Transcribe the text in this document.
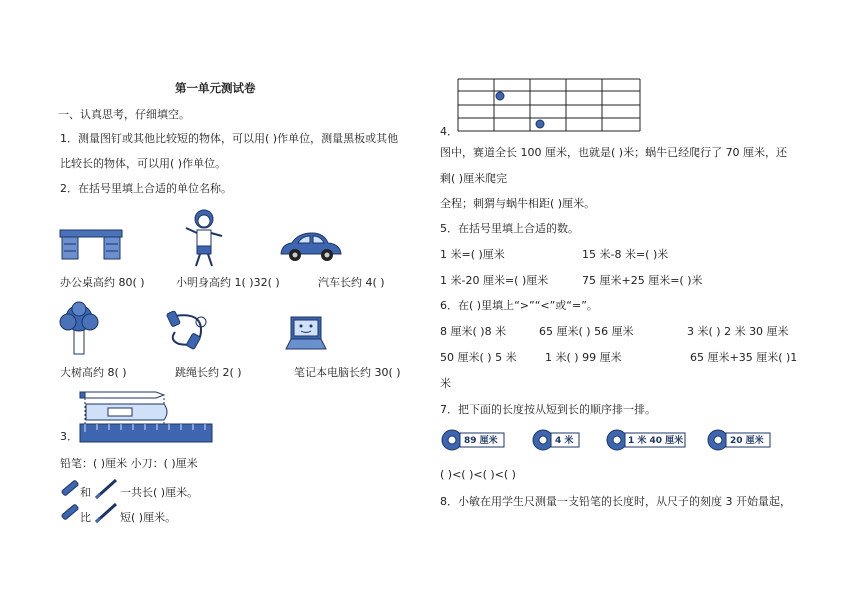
第一单元测试卷
一、认真思考，仔细填空。
1．测量图钉或其他比较短的物体，可以用( )作单位，测量黑板或其他
比较长的物体，可以用( )作单位。
2．在括号里填上合适的单位名称。
办公桌高约 80( )	小明身高约 1( )32( )	汽车长约 4( )
大树高约 8( )	跳绳长约 2( )	笔记本电脑长约 30( )
3．
铅笔：( )厘米 小刀：( )厘米
和	一共长( )厘米。
比	短( )厘米。
4．
图中，赛道全长 100 厘米，也就是( )米；蜗牛已经爬行了 70 厘米，还
剩( )厘米爬完
全程；刺猬与蜗牛相距( )厘米。
5．在括号里填上合适的数。
1 米=( )厘米	15 米-8 米=( )米
1 米-20 厘米=( )厘米	75 厘米+25 厘米=( )米
6．在( )里填上“>”“<”或“=”。
8 厘米( )8 米	65 厘米( ) 56 厘米	3 米( ) 2 米 30 厘米
50 厘米( ) 5 米	1 米( ) 99 厘米	65 厘米+35 厘米( )1
米
7．把下面的长度按从短到长的顺序排一排。
89 厘米	4 米	1 米 40 厘米	20 厘米
( )<( )<( )<( )
8．小敏在用学生尺测量一支铅笔的长度时，从尺子的刻度 3 开始量起，
